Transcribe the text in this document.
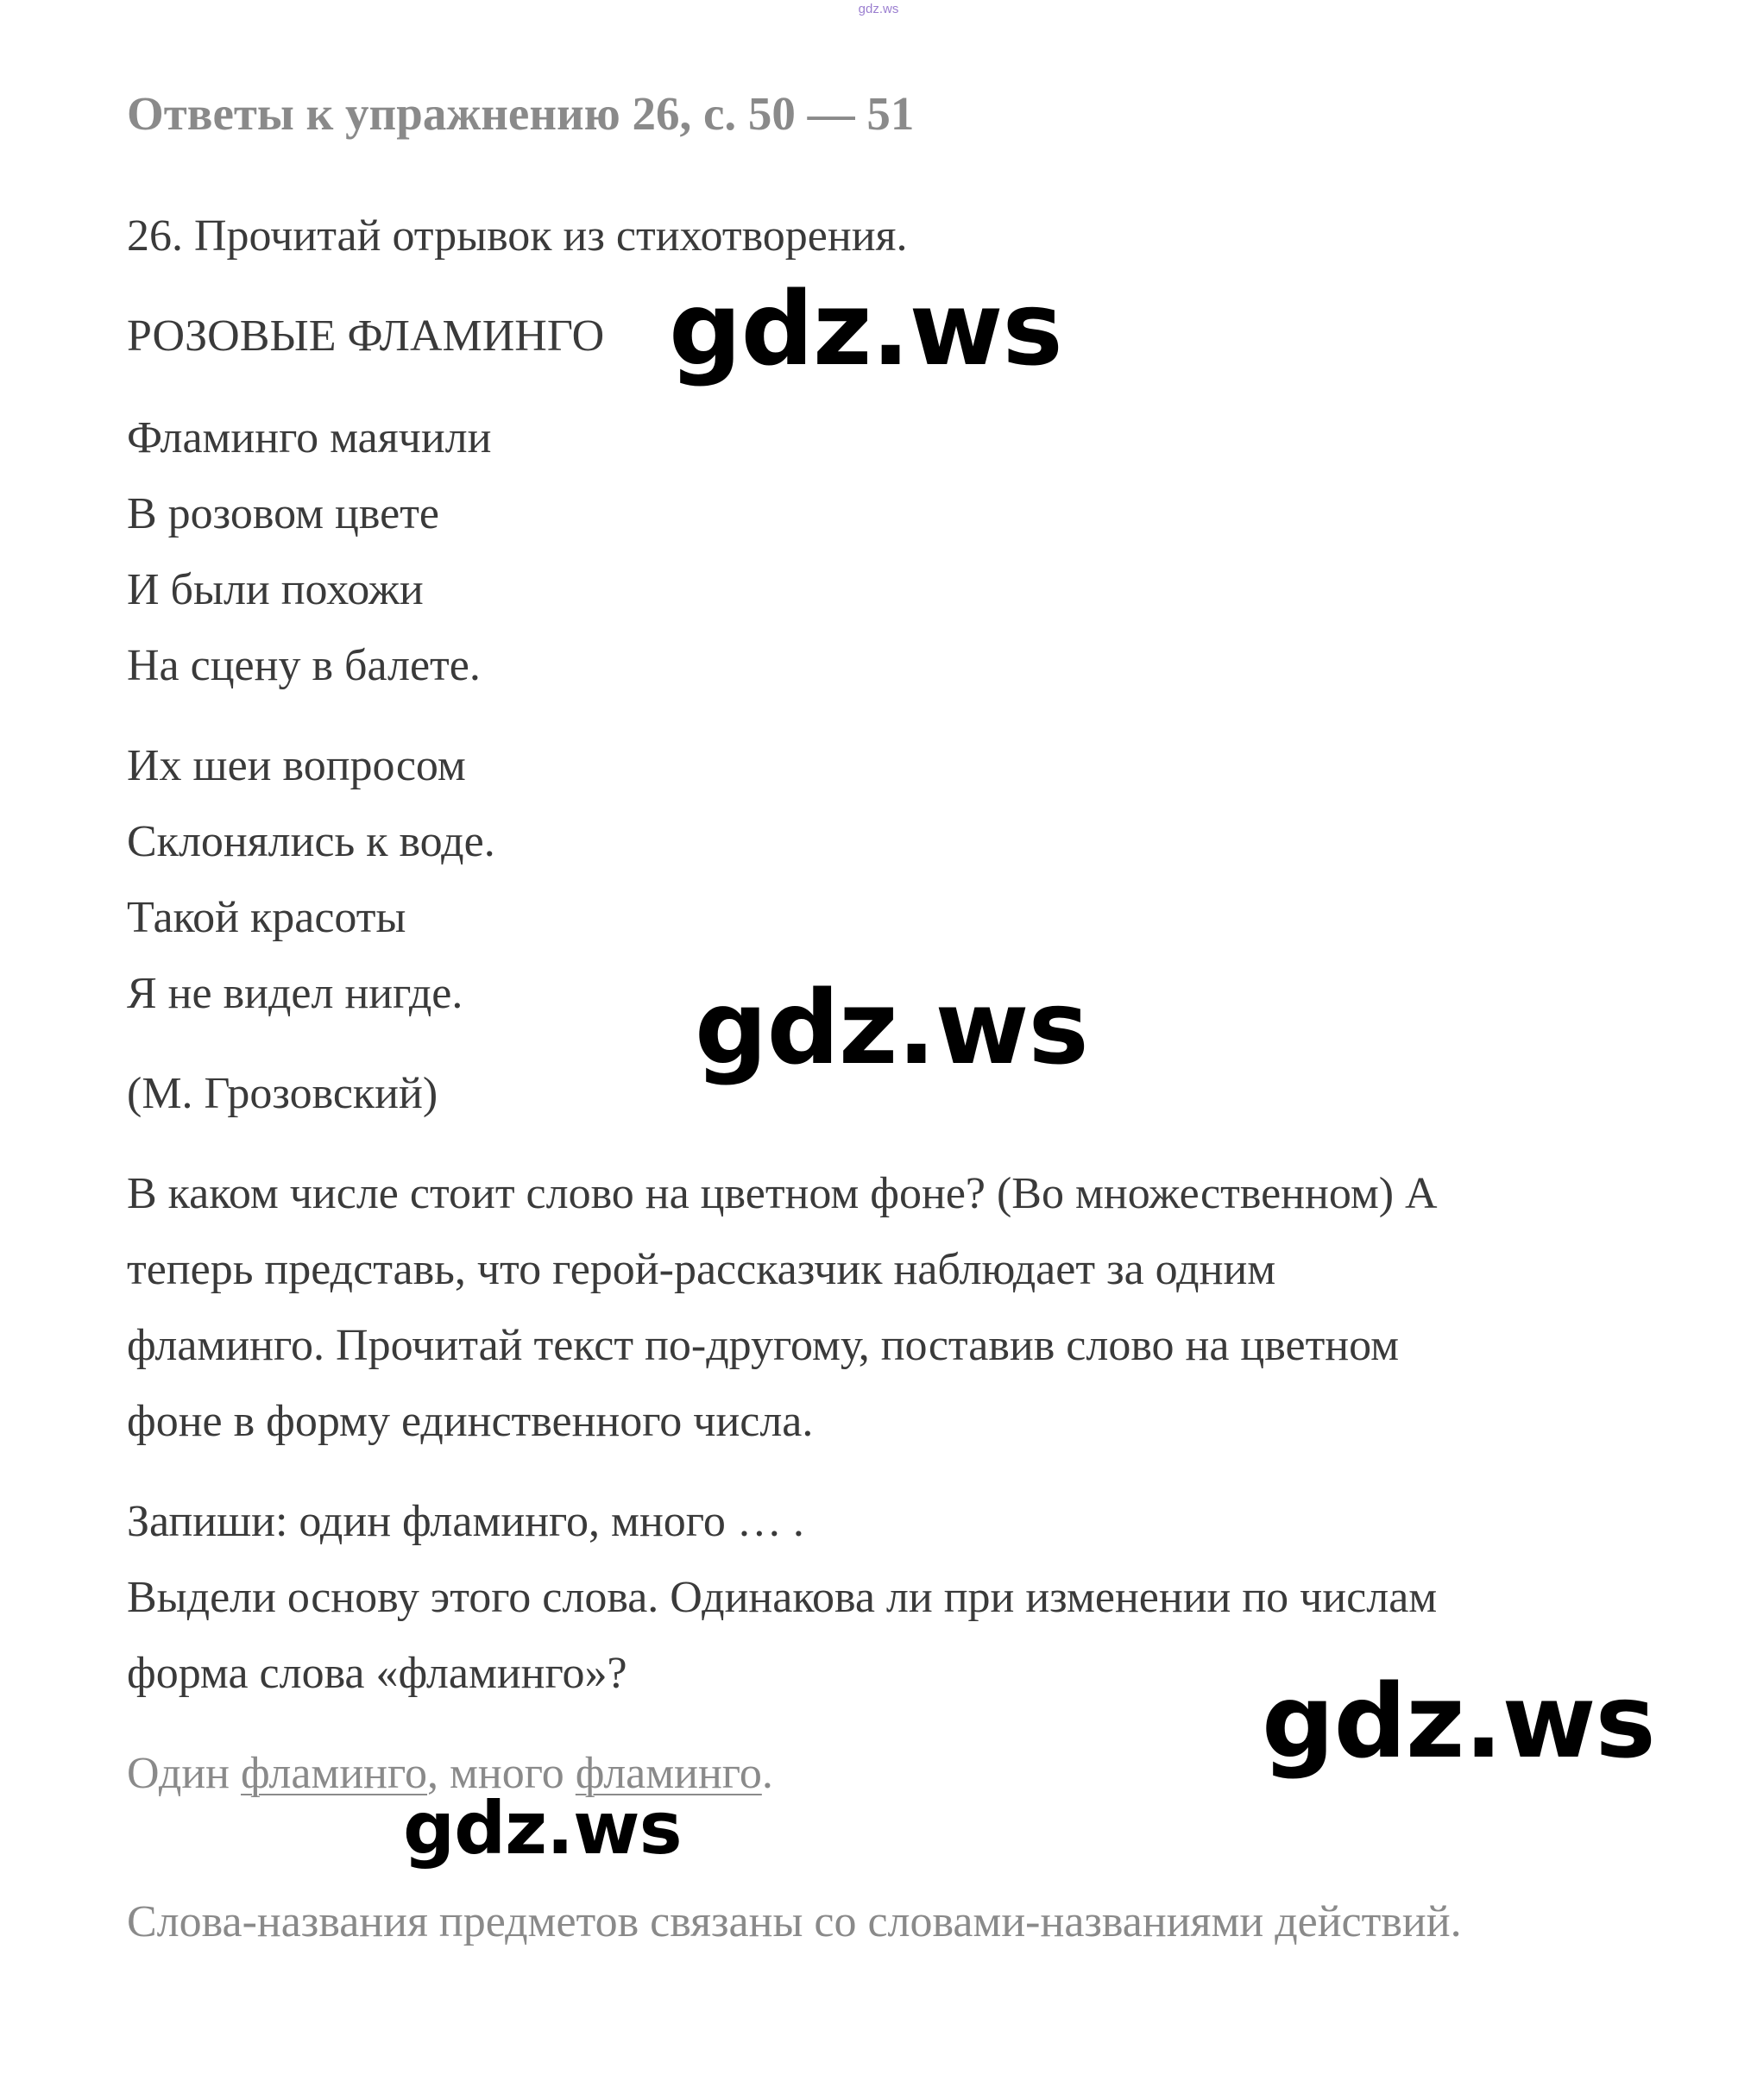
gdz.ws
Ответы к упражнению 26, с. 50 — 51
26. Прочитай отрывок из стихотворения.
РОЗОВЫЕ ФЛАМИНГО
Фламинго маячили
В розовом цвете
И были похожи
На сцену в балете.
Их шеи вопросом
Склонялись к воде.
Такой красоты
Я не видел нигде.
(М. Грозовский)
В каком числе стоит слово на цветном фоне? (Во множественном) А
теперь представь, что герой-рассказчик наблюдает за одним
фламинго. Прочитай текст по-другому, поставив слово на цветном
фоне в форму единственного числа.
Запиши: один фламинго, много … .
Выдели основу этого слова. Одинакова ли при изменении по числам
форма слова «фламинго»?
Один фламинго, много фламинго.
Слова-названия предметов связаны со словами-названиями действий.
gdz.ws
gdz.ws
gdz.ws
gdz.ws
